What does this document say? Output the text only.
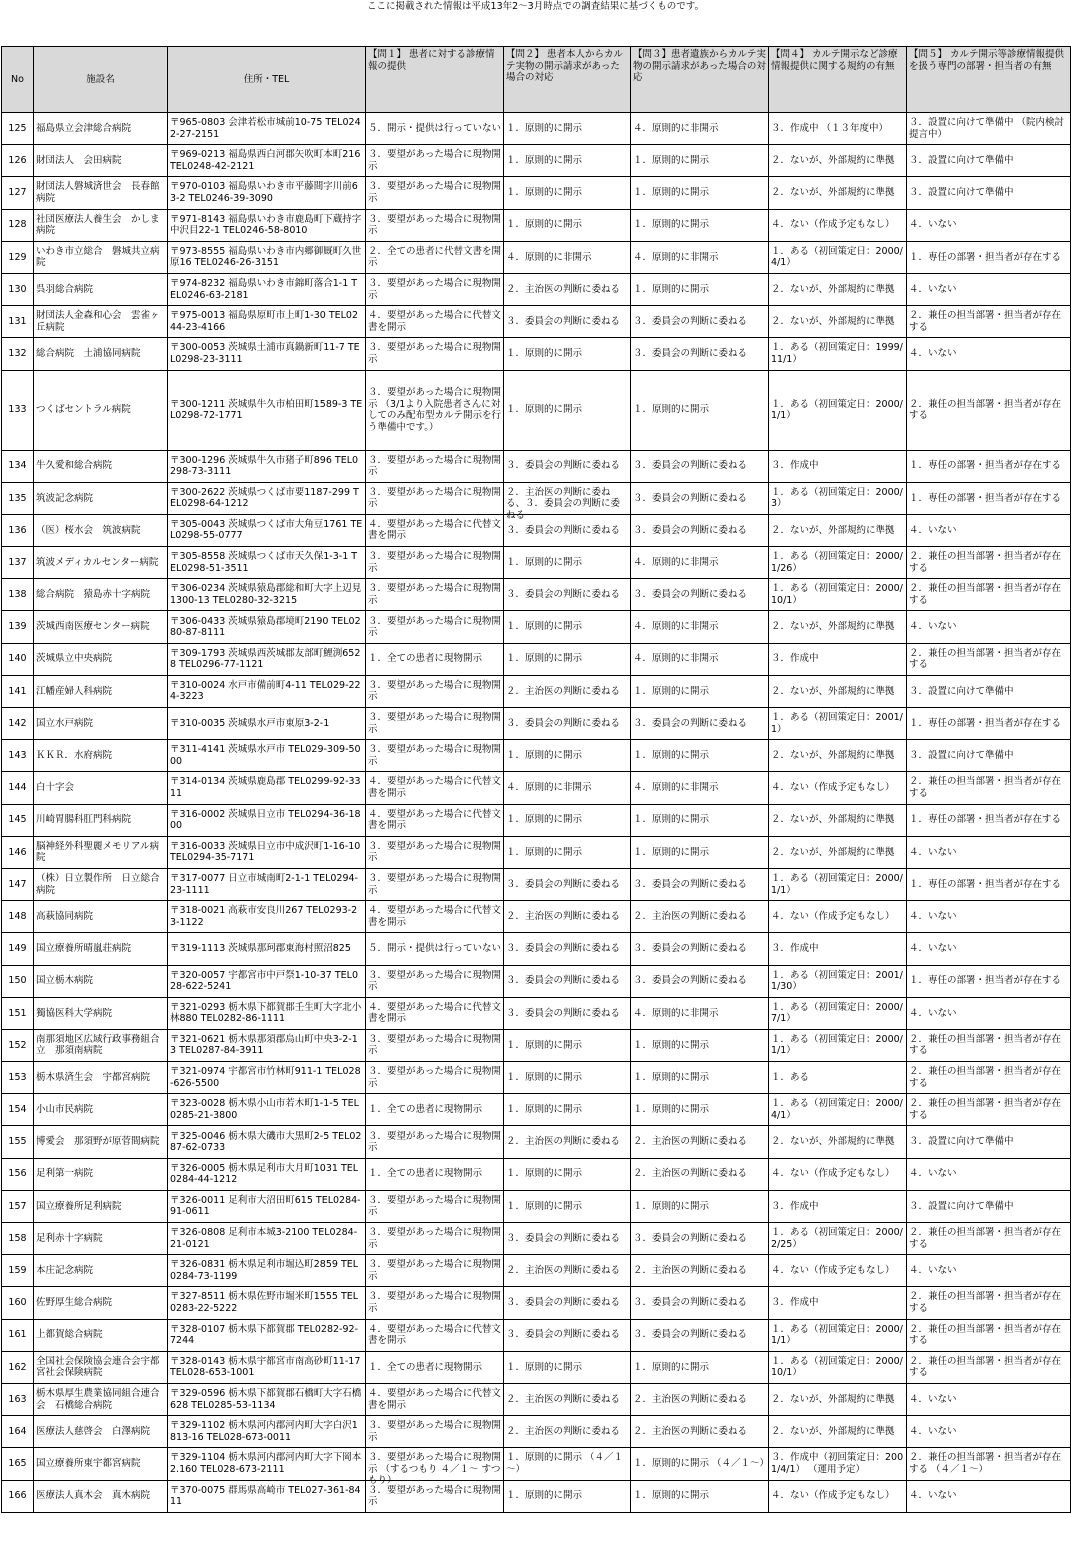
ここに掲載された情報は平成13年2～3月時点での調査結果に基づくものです。
No	施設名	住所・TEL	【問１】 患者に対する診療情報の提供	【問２】 患者本人からカルテ実物の開示請求があった場合の対応	【問３】患者遺族からカルテ実物の開示請求があった場合の対応	【問４】 カルテ開示など診療情報提供に関する規約の有無	【問５】 カルテ開示等診療情報提供を扱う専門の部署・担当者の有無

125	福島県立会津総合病院	〒965-0803 会津若松市城前10-75 TEL0242-27-2151	５．開示・提供は行っていない	１．原則的に開示	４．原則的に非開示	３．作成中 （１３年度中）	３．設置に向けて準備中 （院内検討提言中）

126	財団法人　会田病院	〒969-0213 福島県西白河郡矢吹町本町216 TEL0248-42-2121	３．要望があった場合に現物開示	１．原則的に開示	１．原則的に開示	２．ないが、外部規約に準拠	３．設置に向けて準備中

127	財団法人磐城済世会　長春館病院	〒970-0103 福島県いわき市平藤間字川前63-2 TEL0246-39-3090	３．要望があった場合に現物開示	１．原則的に開示	１．原則的に開示	２．ないが、外部規約に準拠	３．設置に向けて準備中

128	社団医療法人養生会　かしま病院	〒971-8143 福島県いわき市鹿島町下蔵持字中沢目22-1 TEL0246-58-8010	３．要望があった場合に現物開示	１．原則的に開示	１．原則的に開示	４．ない（作成予定もなし）	４．いない

129	いわき市立総合　磐城共立病院	〒973-8555 福島県いわき市内郷御厩町久世原16 TEL0246-26-3151	２．全ての患者に代替文書を開示	４．原則的に非開示	４．原則的に非開示	１．ある（初回策定日：2000/4/1）	１．専任の部署・担当者が存在する

130	呉羽総合病院	〒974-8232 福島県いわき市錦町落合1-1 TEL0246-63-2181	３．要望があった場合に現物開示	２．主治医の判断に委ねる	１．原則的に開示	２．ないが、外部規約に準拠	４．いない

131	財団法人金森和心会　雲雀ヶ丘病院	〒975-0013 福島県原町市上町1-30 TEL0244-23-4166	４．要望があった場合に代替文書を開示	３．委員会の判断に委ねる	３．委員会の判断に委ねる	２．ないが、外部規約に準拠	２．兼任の担当部署・担当者が存在する

132	総合病院　土浦協同病院	〒300-0053 茨城県土浦市真鍋新町11-7 TEL0298-23-3111	３．要望があった場合に現物開示	１．原則的に開示	３．委員会の判断に委ねる	１．ある（初回策定日：1999/11/1）	４．いない

133	つくばセントラル病院	〒300-1211 茨城県牛久市柏田町1589-3 TEL0298-72-1771	３．要望があった場合に現物開示 （3/1より入院患者さんに対してのみ配布型カルテ開示を行う準備中です。）	１．原則的に開示	１．原則的に開示	１．ある（初回策定日：2000/1/1）	２．兼任の担当部署・担当者が存在する

134	牛久愛和総合病院	〒300-1296 茨城県牛久市猪子町896 TEL0298-73-3111	３．要望があった場合に現物開示	３．委員会の判断に委ねる	３．委員会の判断に委ねる	３．作成中	１．専任の部署・担当者が存在する

135	筑波記念病院	〒300-2622 茨城県つくば市要1187-299 TEL0298-64-1212	３．要望があった場合に現物開示	２．主治医の判断に委ねる、３．委員会の判断に委ねる	３．委員会の判断に委ねる	１．ある（初回策定日：2000/3）	１．専任の部署・担当者が存在する

136	（医）桜水会　筑波病院	〒305-0043 茨城県つくば市大角豆1761 TEL0298-55-0777	４．要望があった場合に代替文書を開示	３．委員会の判断に委ねる	３．委員会の判断に委ねる	２．ないが、外部規約に準拠	４．いない

137	筑波メディカルセンター病院	〒305-8558 茨城県つくば市天久保1-3-1 TEL0298-51-3511	３．要望があった場合に現物開示	１．原則的に開示	４．原則的に非開示	１．ある（初回策定日：2000/1/26）	２．兼任の担当部署・担当者が存在する

138	総合病院　猿島赤十字病院	〒306-0234 茨城県猿島郡総和町大字上辺見1300-13 TEL0280-32-3215	３．要望があった場合に現物開示	３．委員会の判断に委ねる	３．委員会の判断に委ねる	１．ある（初回策定日：2000/10/1）	２．兼任の担当部署・担当者が存在する

139	茨城西南医療センター病院	〒306-0433 茨城県猿島郡境町2190 TEL0280-87-8111	３．要望があった場合に現物開示	１．原則的に開示	４．原則的に非開示	２．ないが、外部規約に準拠	４．いない

140	茨城県立中央病院	〒309-1793 茨城県西茨城郡友部町鯉渕6528 TEL0296-77-1121	１．全ての患者に現物開示	１．原則的に開示	４．原則的に非開示	３．作成中	２．兼任の担当部署・担当者が存在する

141	江幡産婦人科病院	〒310-0024 水戸市備前町4-11 TEL029-224-3223	３．要望があった場合に現物開示	２．主治医の判断に委ねる	１．原則的に開示	２．ないが、外部規約に準拠	３．設置に向けて準備中

142	国立水戸病院	〒310-0035 茨城県水戸市東原3-2-1	３．要望があった場合に現物開示	３．委員会の判断に委ねる	３．委員会の判断に委ねる	１．ある（初回策定日：2001/1）	１．専任の部署・担当者が存在する

143	ＫＫＲ．水府病院	〒311-4141 茨城県水戸市 TEL029-309-5000	３．要望があった場合に現物開示	１．原則的に開示	１．原則的に開示	２．ないが、外部規約に準拠	３．設置に向けて準備中

144	白十字会	〒314-0134 茨城県鹿島郡 TEL0299-92-3311	４．要望があった場合に代替文書を開示	４．原則的に非開示	４．原則的に非開示	４．ない（作成予定もなし）	２．兼任の担当部署・担当者が存在する

145	川崎胃腸科肛門科病院	〒316-0002 茨城県日立市 TEL0294-36-1800	４．要望があった場合に代替文書を開示	１．原則的に開示	１．原則的に開示	２．ないが、外部規約に準拠	１．専任の部署・担当者が存在する

146	脳神経外科聖麗メモリアル病院	〒316-0033 茨城県日立市中成沢町1-16-10 TEL0294-35-7171	３．要望があった場合に現物開示	１．原則的に開示	１．原則的に開示	２．ないが、外部規約に準拠	４．いない

147	（株）日立製作所　日立総合病院	〒317-0077 日立市城南町2-1-1 TEL0294-23-1111	３．要望があった場合に現物開示	３．委員会の判断に委ねる	３．委員会の判断に委ねる	１．ある（初回策定日：2000/1/1）	１．専任の部署・担当者が存在する

148	高萩協同病院	〒318-0021 高萩市安良川267 TEL0293-23-1122	４．要望があった場合に代替文書を開示	２．主治医の判断に委ねる	２．主治医の判断に委ねる	４．ない（作成予定もなし）	４．いない

149	国立療養所晴嵐荘病院	〒319-1113 茨城県那珂郡東海村照沼825	５．開示・提供は行っていない	３．委員会の判断に委ねる	３．委員会の判断に委ねる	３．作成中	４．いない

150	国立栃木病院	〒320-0057 宇都宮市中戸祭1-10-37 TEL028-622-5241	３．要望があった場合に現物開示	３．委員会の判断に委ねる	３．委員会の判断に委ねる	１．ある（初回策定日：2001/1/30）	１．専任の部署・担当者が存在する

151	獨協医科大学病院	〒321-0293 栃木県下都賀郡壬生町大字北小林880 TEL0282-86-1111	４．要望があった場合に代替文書を開示	３．委員会の判断に委ねる	４．原則的に非開示	１．ある（初回策定日：2000/7/1）	４．いない

152	南那須地区広域行政事務組合立　那須南病院	〒321-0621 栃木県那須郡烏山町中央3-2-13 TEL0287-84-3911	３．要望があった場合に現物開示	１．原則的に開示	１．原則的に開示	１．ある（初回策定日：2000/1/1）	２．兼任の担当部署・担当者が存在する

153	栃木県済生会　宇都宮病院	〒321-0974 宇都宮市竹林町911-1 TEL028-626-5500	３．要望があった場合に現物開示	１．原則的に開示	１．原則的に開示	１．ある	２．兼任の担当部署・担当者が存在する

154	小山市民病院	〒323-0028 栃木県小山市若木町1-1-5 TEL0285-21-3800	１．全ての患者に現物開示	１．原則的に開示	１．原則的に開示	１．ある（初回策定日：2000/4/1）	２．兼任の担当部署・担当者が存在する

155	博愛会　那須野が原菅間病院	〒325-0046 栃木県大磯市大黒町2-5 TEL0287-62-0733	３．要望があった場合に現物開示	２．主治医の判断に委ねる	２．主治医の判断に委ねる	２．ないが、外部規約に準拠	３．設置に向けて準備中

156	足利第一病院	〒326-0005 栃木県足利市大月町1031 TEL0284-44-1212	１．全ての患者に現物開示	１．原則的に開示	２．主治医の判断に委ねる	４．ない（作成予定もなし）	４．いない

157	国立療養所足利病院	〒326-0011 足利市大沼田町615 TEL0284-91-0611	３．要望があった場合に現物開示	１．原則的に開示	１．原則的に開示	３．作成中	３．設置に向けて準備中

158	足利赤十字病院	〒326-0808 足利市本城3-2100 TEL0284-21-0121	３．要望があった場合に現物開示	３．委員会の判断に委ねる	３．委員会の判断に委ねる	１．ある（初回策定日：2000/2/25）	２．兼任の担当部署・担当者が存在する

159	本庄記念病院	〒326-0831 栃木県足利市堀込町2859 TEL0284-73-1199	３．要望があった場合に現物開示	２．主治医の判断に委ねる	２．主治医の判断に委ねる	４．ない（作成予定もなし）	４．いない

160	佐野厚生総合病院	〒327-8511 栃木県佐野市堀米町1555 TEL0283-22-5222	３．要望があった場合に現物開示	３．委員会の判断に委ねる	３．委員会の判断に委ねる	３．作成中	２．兼任の担当部署・担当者が存在する

161	上都賀総合病院	〒328-0107 栃木県下都賀郡 TEL0282-92-7244	４．要望があった場合に代替文書を開示	３．委員会の判断に委ねる	３．委員会の判断に委ねる	１．ある（初回策定日：2000/1/1）	２．兼任の担当部署・担当者が存在する

162	全国社会保険協会連合会宇都宮社会保険病院	〒328-0143 栃木県宇都宮市南高砂町11-17 TEL028-653-1001	１．全ての患者に現物開示	１．原則的に開示	１．原則的に開示	１．ある（初回策定日：2000/10/1）	２．兼任の担当部署・担当者が存在する

163	栃木県厚生農業協同組合連合会　石橋総合病院	〒329-0596 栃木県下都賀郡石橋町大字石橋628 TEL0285-53-1134	４．要望があった場合に代替文書を開示	２．主治医の判断に委ねる	２．主治医の判断に委ねる	２．ないが、外部規約に準拠	４．いない

164	医療法人慈啓会　白澤病院	〒329-1102 栃木県河内郡河内町大字白沢1813-16 TEL028-673-0011	３．要望があった場合に現物開示	２．主治医の判断に委ねる	２．主治医の判断に委ねる	２．ないが、外部規約に準拠	４．いない

165	国立療養所東宇都宮病院	〒329-1104 栃木県河内郡河内町大字下岡本2.160 TEL028-673-2111	３．要望があった場合に現物開示 （するつもり ４／１～ すつもり）	１．原則的に開示 （４／１～）	１．原則的に開示 （４／１～）	３．作成中（初回策定日：2001/4/1） （運用予定）	２．兼任の担当部署・担当者が存在する （４／１～）

166	医療法人真木会　真木病院	〒370-0075 群馬県高崎市 TEL027-361-8411	３．要望があった場合に現物開示	１．原則的に開示	１．原則的に開示	４．ない（作成予定もなし）	４．いない
